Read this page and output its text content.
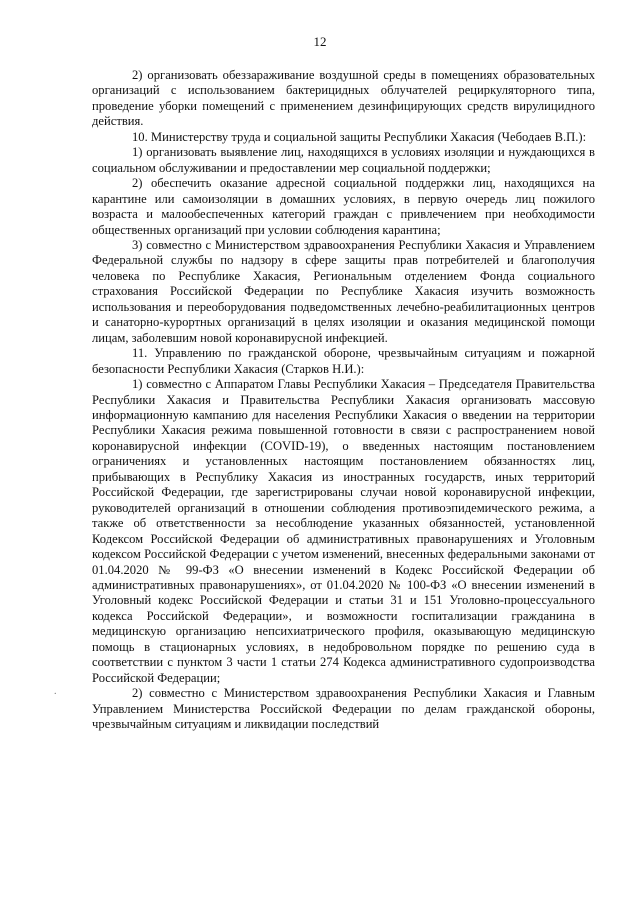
12
.

2) организовать обеззараживание воздушной среды в помещениях образовательных организаций с использованием бактерицидных облучателей рециркуляторного типа, проведение уборки помещений с применением дезинфицирующих средств вирулицидного действия.

10. Министерству труда и социальной защиты Республики Хакасия (Чебодаев В.П.):

1) организовать выявление лиц, находящихся в условиях изоляции и нуждающихся в социальном обслуживании и предоставлении мер социальной поддержки;

2) обеспечить оказание адресной социальной поддержки лиц, находящихся на карантине или самоизоляции в домашних условиях, в первую очередь лиц пожилого возраста и малообеспеченных категорий граждан с привлечением при необходимости общественных организаций при условии соблюдения карантина;

3) совместно с Министерством здравоохранения Республики Хакасия и Управлением Федеральной службы по надзору в сфере защиты прав потребителей и благополучия человека по Республике Хакасия, Региональным отделением Фонда социального страхования Российской Федерации по Республике Хакасия изучить возможность использования и переоборудования подведомственных лечебно-реабилитационных центров и санаторно-курортных организаций в целях изоляции и оказания медицинской помощи лицам, заболевшим новой коронавирусной инфекцией.

11. Управлению по гражданской обороне, чрезвычайным ситуациям и пожарной безопасности Республики Хакасия (Старков Н.И.):

1) совместно с Аппаратом Главы Республики Хакасия – Председателя Правительства Республики Хакасия и Правительства Республики Хакасия организовать массовую информационную кампанию для населения Республики Хакасия о введении на территории Республики Хакасия режима повышенной готовности в связи с распространением новой коронавирусной инфекции (COVID-19), о введенных настоящим постановлением ограничениях и установленных настоящим постановлением обязанностях лиц, прибывающих в Республику Хакасия из иностранных государств, иных территорий Российской Федерации, где зарегистрированы случаи новой коронавирусной инфекции, руководителей организаций в отношении соблюдения противоэпидемического режима, а также об ответственности за несоблюдение указанных обязанностей, установленной Кодексом Российской Федерации об административных правонарушениях и Уголовным кодексом Российской Федерации с учетом изменений, внесенных федеральными законами от 01.04.2020 № 99-ФЗ «О внесении изменений в Кодекс Российской Федерации об административных правонарушениях», от 01.04.2020 № 100-ФЗ «О внесении изменений в Уголовный кодекс Российской Федерации и статьи 31 и 151 Уголовно-процессуального кодекса Российской Федерации», и возможности госпитализации гражданина в медицинскую организацию непсихиатрического профиля, оказывающую медицинскую помощь в стационарных условиях, в недобровольном порядке по решению суда в соответствии с пунктом 3 части 1 статьи 274 Кодекса административного судопроизводства Российской Федерации;

2) совместно с Министерством здравоохранения Республики Хакасия и Главным Управлением Министерства Российской Федерации по делам гражданской обороны, чрезвычайным ситуациям и ликвидации последствий
